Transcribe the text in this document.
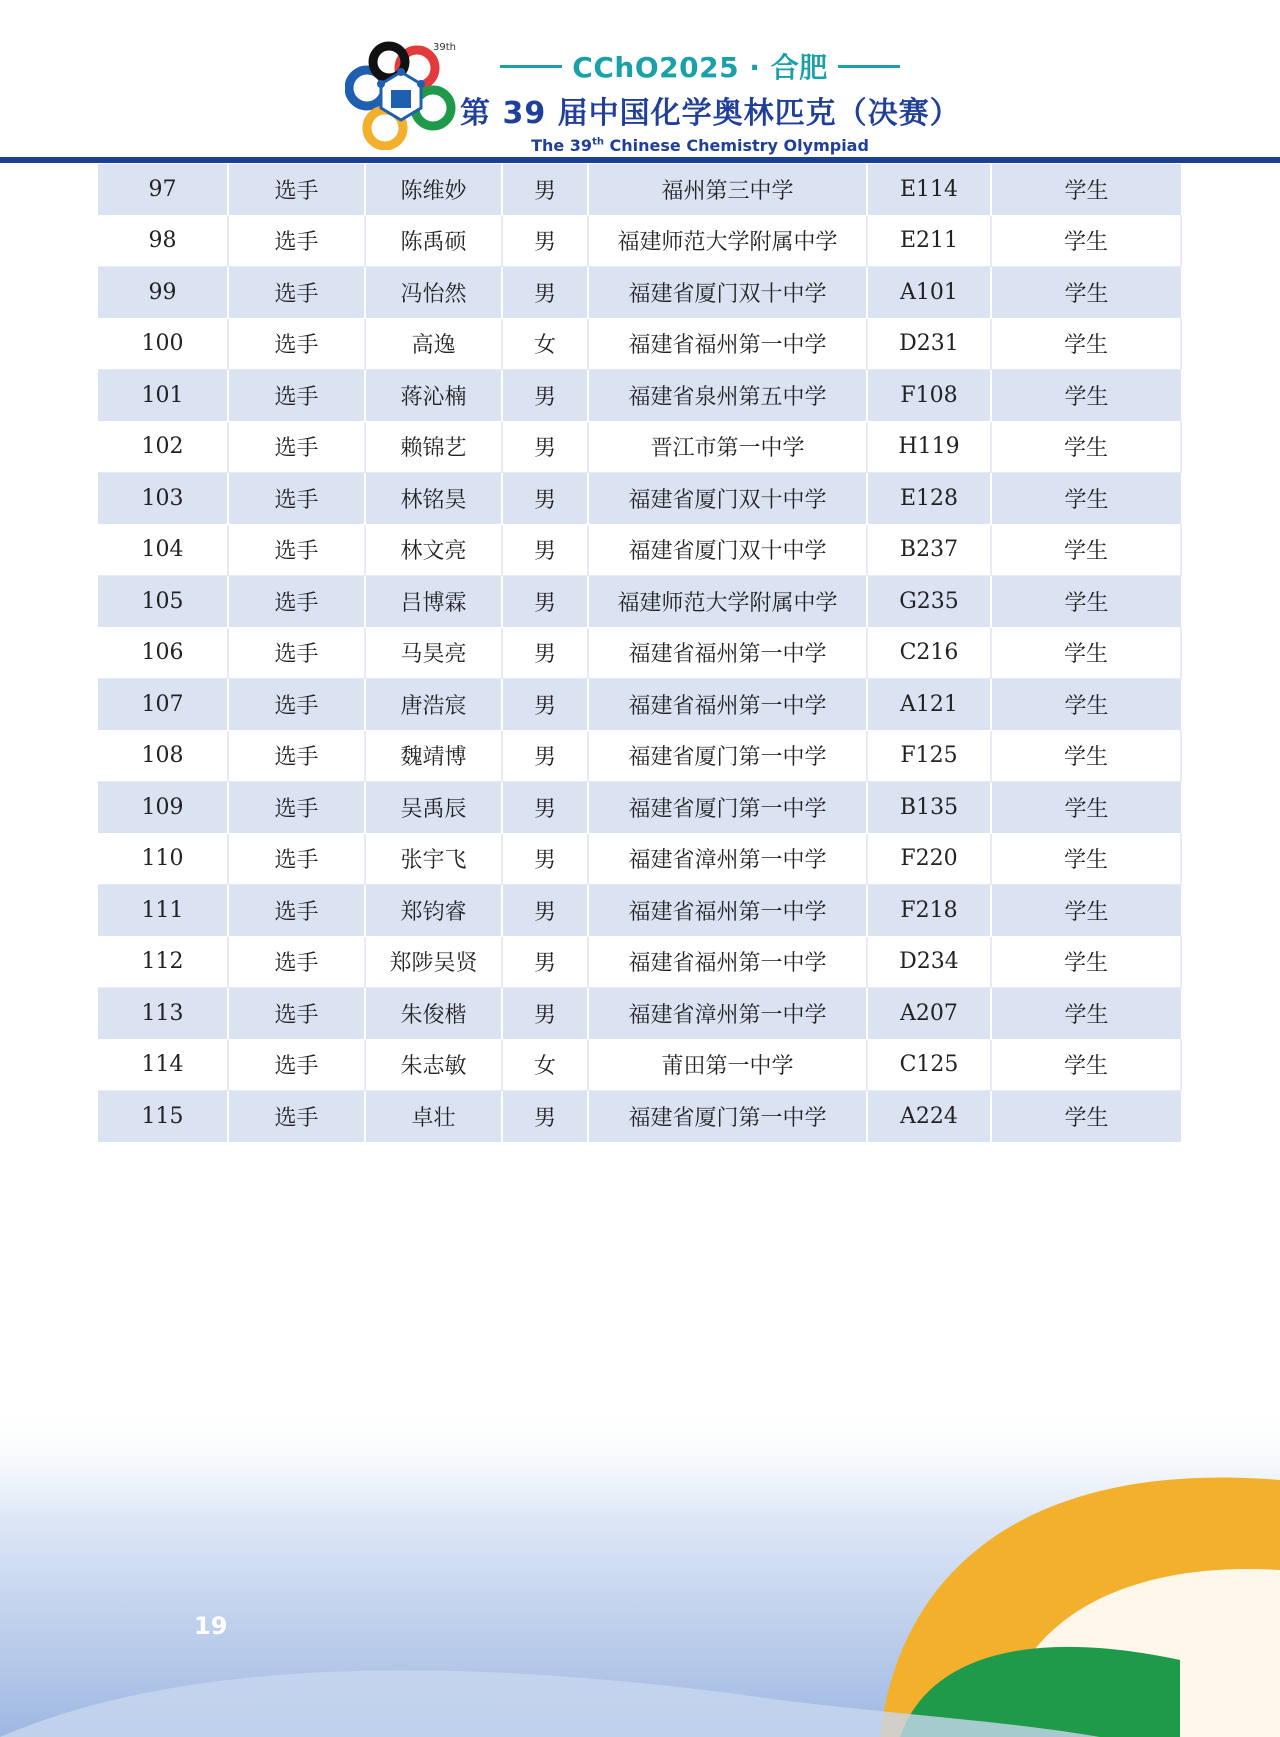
39th
CChO2025 · 合肥
第 39 届中国化学奥林匹克（决赛）
The 39th Chinese Chemistry Olympiad
97	选手	陈维妙	男	福州第三中学	E114	学生
98	选手	陈禹硕	男	福建师范大学附属中学	E211	学生
99	选手	冯怡然	男	福建省厦门双十中学	A101	学生
100	选手	高逸	女	福建省福州第一中学	D231	学生
101	选手	蒋沁楠	男	福建省泉州第五中学	F108	学生
102	选手	赖锦艺	男	晋江市第一中学	H119	学生
103	选手	林铭昊	男	福建省厦门双十中学	E128	学生
104	选手	林文亮	男	福建省厦门双十中学	B237	学生
105	选手	吕博霖	男	福建师范大学附属中学	G235	学生
106	选手	马昊亮	男	福建省福州第一中学	C216	学生
107	选手	唐浩宸	男	福建省福州第一中学	A121	学生
108	选手	魏靖博	男	福建省厦门第一中学	F125	学生
109	选手	吴禹辰	男	福建省厦门第一中学	B135	学生
110	选手	张宇飞	男	福建省漳州第一中学	F220	学生
111	选手	郑钧睿	男	福建省福州第一中学	F218	学生
112	选手	郑陟吴贤	男	福建省福州第一中学	D234	学生
113	选手	朱俊楷	男	福建省漳州第一中学	A207	学生
114	选手	朱志敏	女	莆田第一中学	C125	学生
115	选手	卓壮	男	福建省厦门第一中学	A224	学生
19
